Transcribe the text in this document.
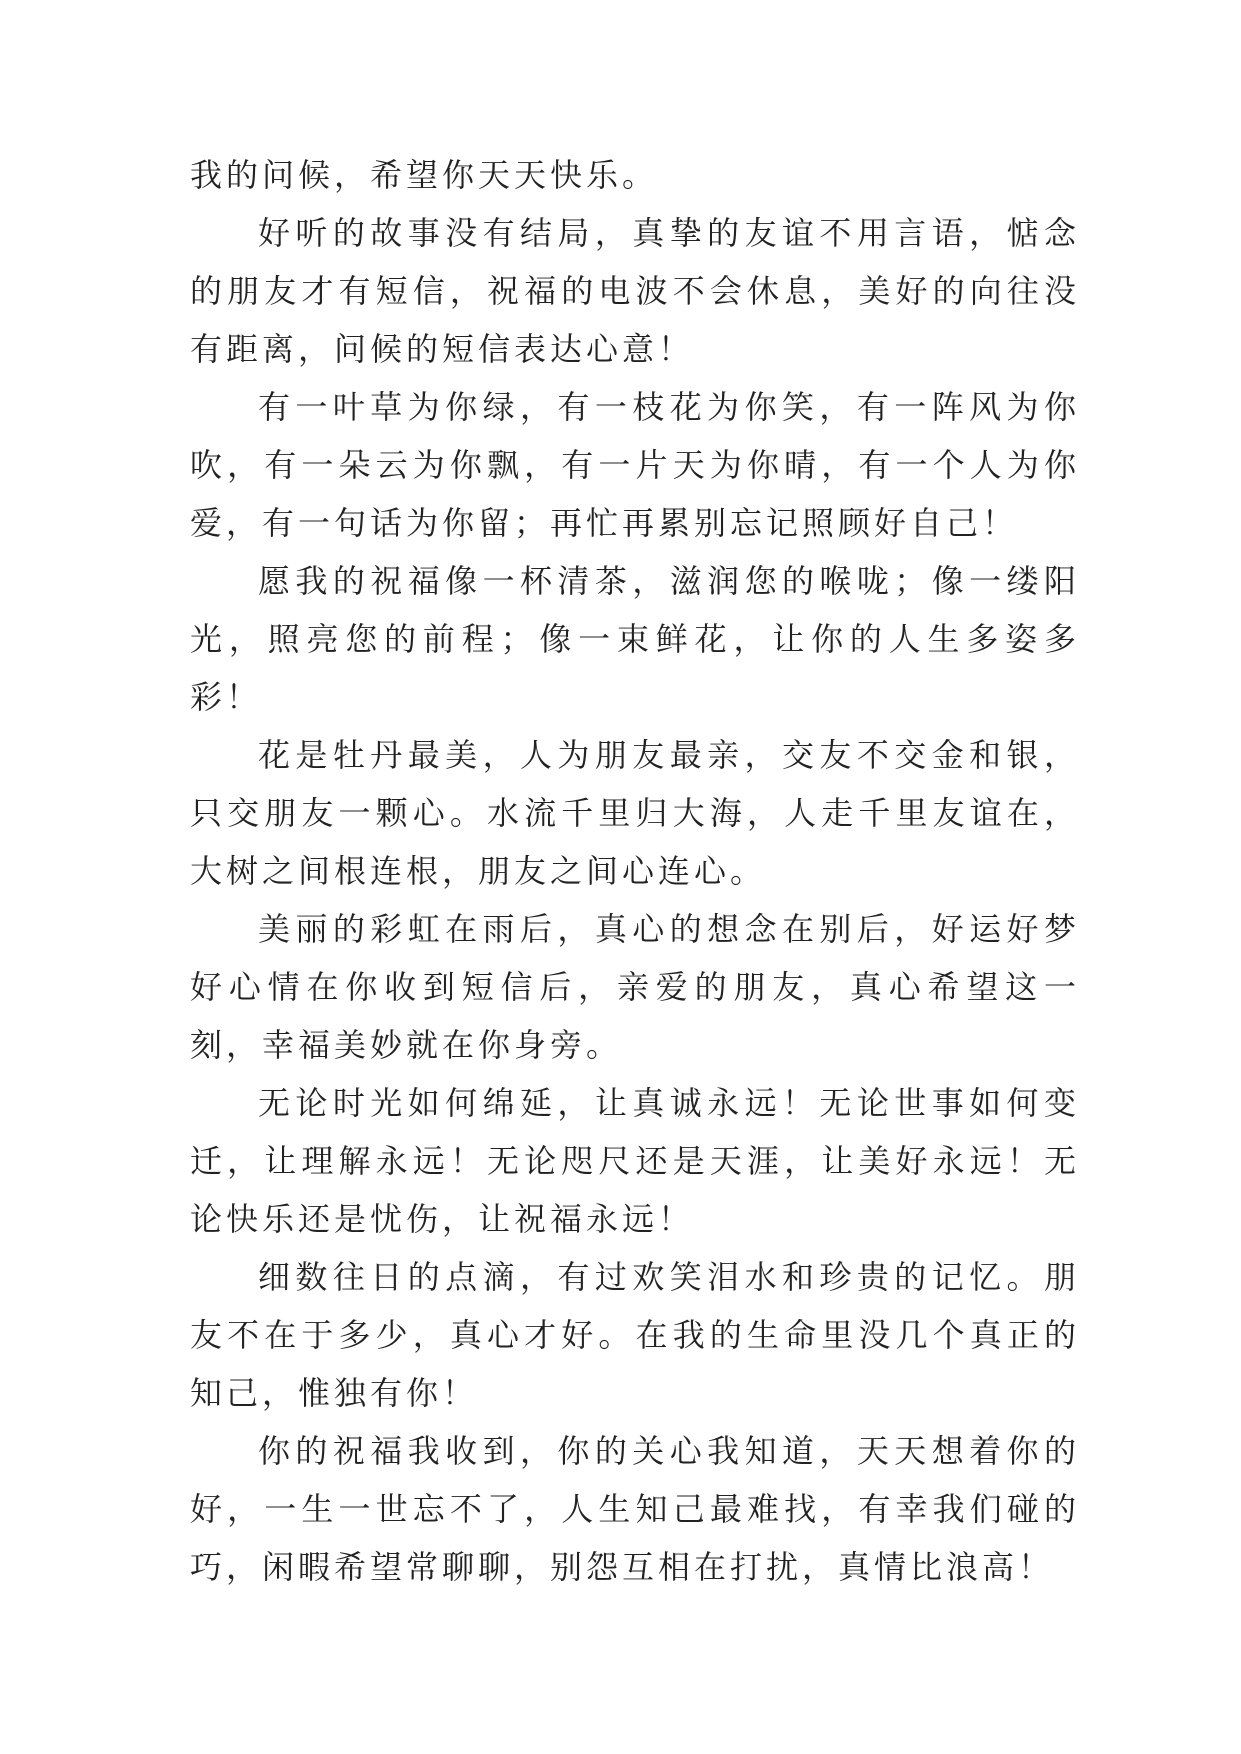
我的问候，希望你天天快乐。

好听的故事没有结局，真挚的友谊不用言语，惦念的朋友才有短信，祝福的电波不会休息，美好的向往没有距离，问候的短信表达心意！

有一叶草为你绿，有一枝花为你笑，有一阵风为你吹，有一朵云为你飘，有一片天为你晴，有一个人为你爱，有一句话为你留；再忙再累别忘记照顾好自己！

愿我的祝福像一杯清茶，滋润您的喉咙；像一缕阳光，照亮您的前程；像一束鲜花，让你的人生多姿多彩！

花是牡丹最美，人为朋友最亲，交友不交金和银，只交朋友一颗心。水流千里归大海，人走千里友谊在，大树之间根连根，朋友之间心连心。

美丽的彩虹在雨后，真心的想念在别后，好运好梦好心情在你收到短信后，亲爱的朋友，真心希望这一刻，幸福美妙就在你身旁。

无论时光如何绵延，让真诚永远！无论世事如何变迁，让理解永远！无论咫尺还是天涯，让美好永远！无论快乐还是忧伤，让祝福永远！

细数往日的点滴，有过欢笑泪水和珍贵的记忆。朋友不在于多少，真心才好。在我的生命里没几个真正的知己，惟独有你！

你的祝福我收到，你的关心我知道，天天想着你的好，一生一世忘不了，人生知己最难找，有幸我们碰的巧，闲暇希望常聊聊，别怨互相在打扰，真情比浪高！
